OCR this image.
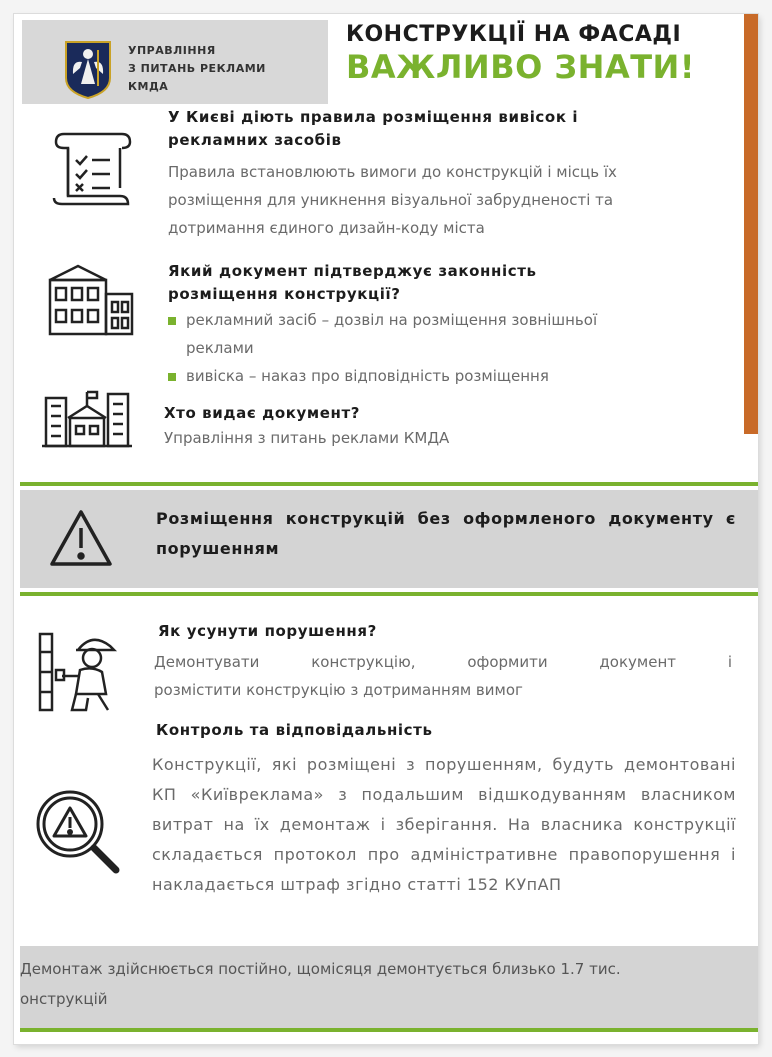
УПРАВЛІННЯ
З ПИТАНЬ РЕКЛАМИ
КМДА
КОНСТРУКЦІЇ НА ФАСАДІ
ВАЖЛИВО ЗНАТИ!
У Києві діють правила розміщення вивісок і
рекламних засобів
Правила встановлюють вимоги до конструкцій і місць їх
розміщення для уникнення візуальної забрудненості та
дотримання єдиного дизайн-коду міста
Який документ підтверджує законність
розміщення конструкції?
рекламний засіб – дозвіл на розміщення зовнішньої
реклами
вивіска – наказ про відповідність розміщення
Хто видає документ?
Управління з питань реклами КМДА
Розміщення конструкцій без оформленого документу є порушенням
Як усунути порушення?
Демонтувати конструкцію, оформити документ і
розмістити конструкцію з дотриманням вимог
Контроль та відповідальність
Конструкції, які розміщені з порушенням, будуть демонтовані КП «Київреклама» з подальшим відшкодуванням власником витрат на їх демонтаж і зберігання. На власника конструкції складається протокол про адміністративне правопорушення і накладається штраф згідно статті 152 КУпАП
Демонтаж здійснюється постійно, щомісяця демонтується близько 1.7 тис.
онструкцій
